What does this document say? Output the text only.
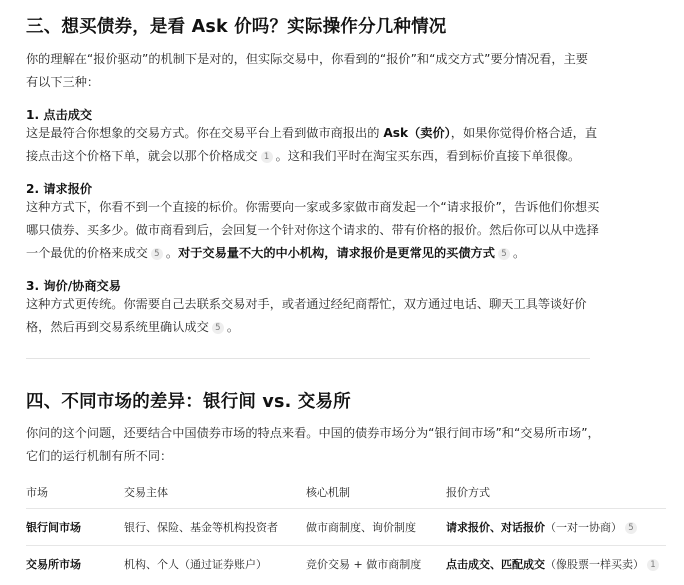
三、想买债券，是看 Ask 价吗？实际操作分几种情况
你的理解在“报价驱动”的机制下是对的，但实际交易中，你看到的“报价”和“成交方式”要分情况看，主要有以下三种：
1. 点击成交
这是最符合你想象的交易方式。你在交易平台上看到做市商报出的 Ask（卖价），如果你觉得价格合适，直接点击这个价格下单，就会以那个价格成交 1 。这和我们平时在淘宝买东西，看到标价直接下单很像。
2. 请求报价
这种方式下，你看不到一个直接的标价。你需要向一家或多家做市商发起一个“请求报价”，告诉他们你想买哪只债券、买多少。做市商看到后，会回复一个针对你这个请求的、带有价格的报价。然后你可以从中选择一个最优的价格来成交 5 。对于交易量不大的中小机构，请求报价是更常见的买债方式 5 。
3. 询价/协商交易
这种方式更传统。你需要自己去联系交易对手，或者通过经纪商帮忙，双方通过电话、聊天工具等谈好价格，然后再到交易系统里确认成交 5 。
四、不同市场的差异：银行间 vs. 交易所
你问的这个问题，还要结合中国债券市场的特点来看。中国的债券市场分为“银行间市场”和“交易所市场”，它们的运行机制有所不同：
市场	交易主体	核心机制	报价方式
银行间市场	银行、保险、基金等机构投资者	做市商制度、询价制度	请求报价、对话报价（一对一协商） 5
交易所市场	机构、个人（通过证券账户）	竞价交易 + 做市商制度	点击成交、匹配成交（像股票一样买卖） 1
